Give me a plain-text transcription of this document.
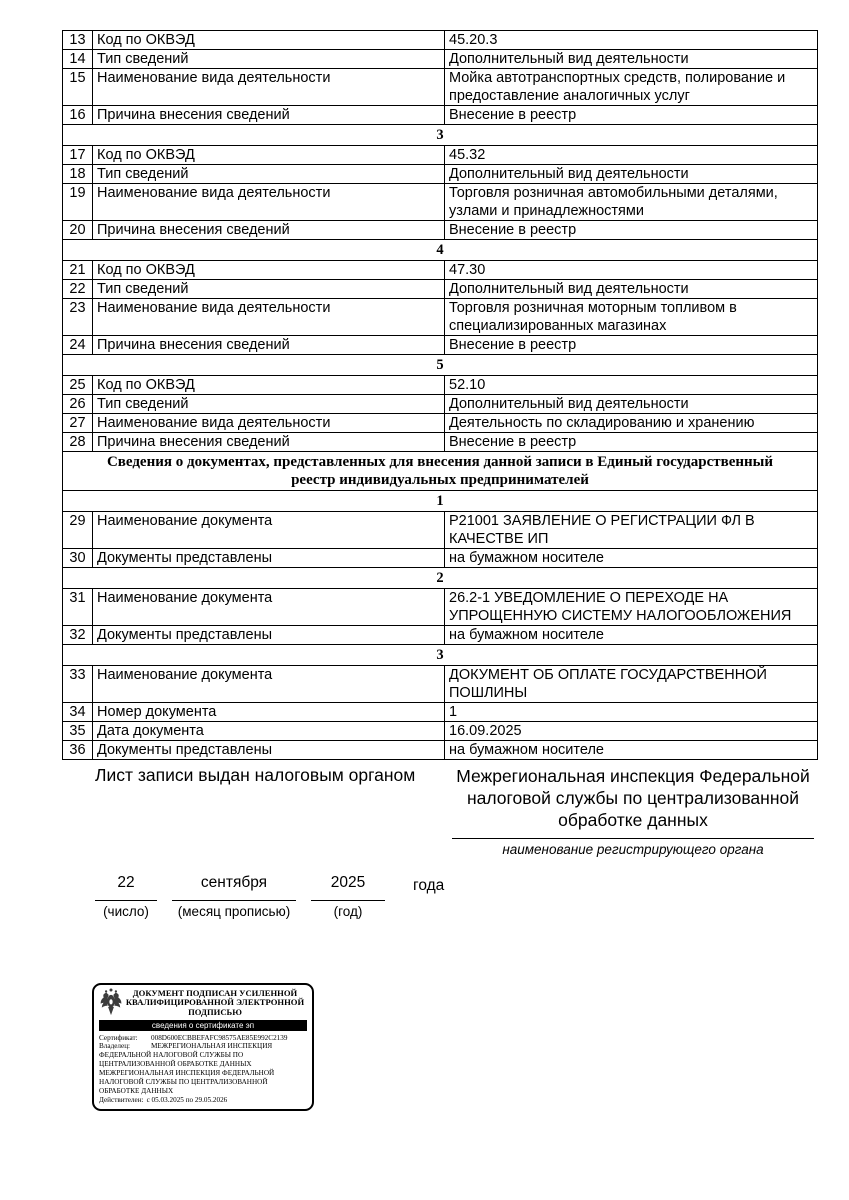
13	Код по ОКВЭД	45.20.3
14	Тип сведений	Дополнительный вид деятельности
15	Наименование вида деятельности	Мойка автотранспортных средств, полирование и предоставление аналогичных услуг
16	Причина внесения сведений	Внесение в реестр
3		
17	Код по ОКВЭД	45.32
18	Тип сведений	Дополнительный вид деятельности
19	Наименование вида деятельности	Торговля розничная автомобильными деталями, узлами и принадлежностями
20	Причина внесения сведений	Внесение в реестр
4		
21	Код по ОКВЭД	47.30
22	Тип сведений	Дополнительный вид деятельности
23	Наименование вида деятельности	Торговля розничная моторным топливом в специализированных магазинах
24	Причина внесения сведений	Внесение в реестр
5		
25	Код по ОКВЭД	52.10
26	Тип сведений	Дополнительный вид деятельности
27	Наименование вида деятельности	Деятельность по складированию и хранению
28	Причина внесения сведений	Внесение в реестр
Сведения о документах, представленных для внесения данной записи в Единый государственный реестр индивидуальных предпринимателей		
1		
29	Наименование документа	Р21001 ЗАЯВЛЕНИЕ О РЕГИСТРАЦИИ ФЛ В КАЧЕСТВЕ ИП
30	Документы представлены	на бумажном носителе
2		
31	Наименование документа	26.2-1 УВЕДОМЛЕНИЕ О ПЕРЕХОДЕ НА УПРОЩЕННУЮ СИСТЕМУ НАЛОГООБЛОЖЕНИЯ
32	Документы представлены	на бумажном носителе
3		
33	Наименование документа	ДОКУМЕНТ ОБ ОПЛАТЕ ГОСУДАРСТВЕННОЙ ПОШЛИНЫ
34	Номер документа	1
35	Дата документа	16.09.2025
36	Документы представлены	на бумажном носителе
Лист записи выдан налоговым органом	Межрегиональная инспекция Федеральной налоговой службы по централизованной обработке данных
наименование регистрирующего органа
22
(число)
сентября
(месяц прописью)
2025
(год)
года
ДОКУМЕНТ ПОДПИСАН УСИЛЕННОЙ КВАЛИФИЦИРОВАННОЙ ЭЛЕКТРОННОЙ ПОДПИСЬЮ
сведения о сертификате эп
Сертификат: 008D600ECBBEFAFC98575AE85E992C2139
Владелец:	МЕЖРЕГИОНАЛЬНАЯ ИНСПЕКЦИЯ ФЕДЕРАЛЬНОЙ НАЛОГОВОЙ СЛУЖБЫ ПО ЦЕНТРАЛИЗОВАННОЙ ОБРАБОТКЕ ДАННЫХ МЕЖРЕГИОНАЛЬНАЯ ИНСПЕКЦИЯ ФЕДЕРАЛЬНОЙ НАЛОГОВОЙ СЛУЖБЫ ПО ЦЕНТРАЛИЗОВАННОЙ ОБРАБОТКЕ ДАННЫХ
Действителен: с 05.03.2025 по 29.05.2026
